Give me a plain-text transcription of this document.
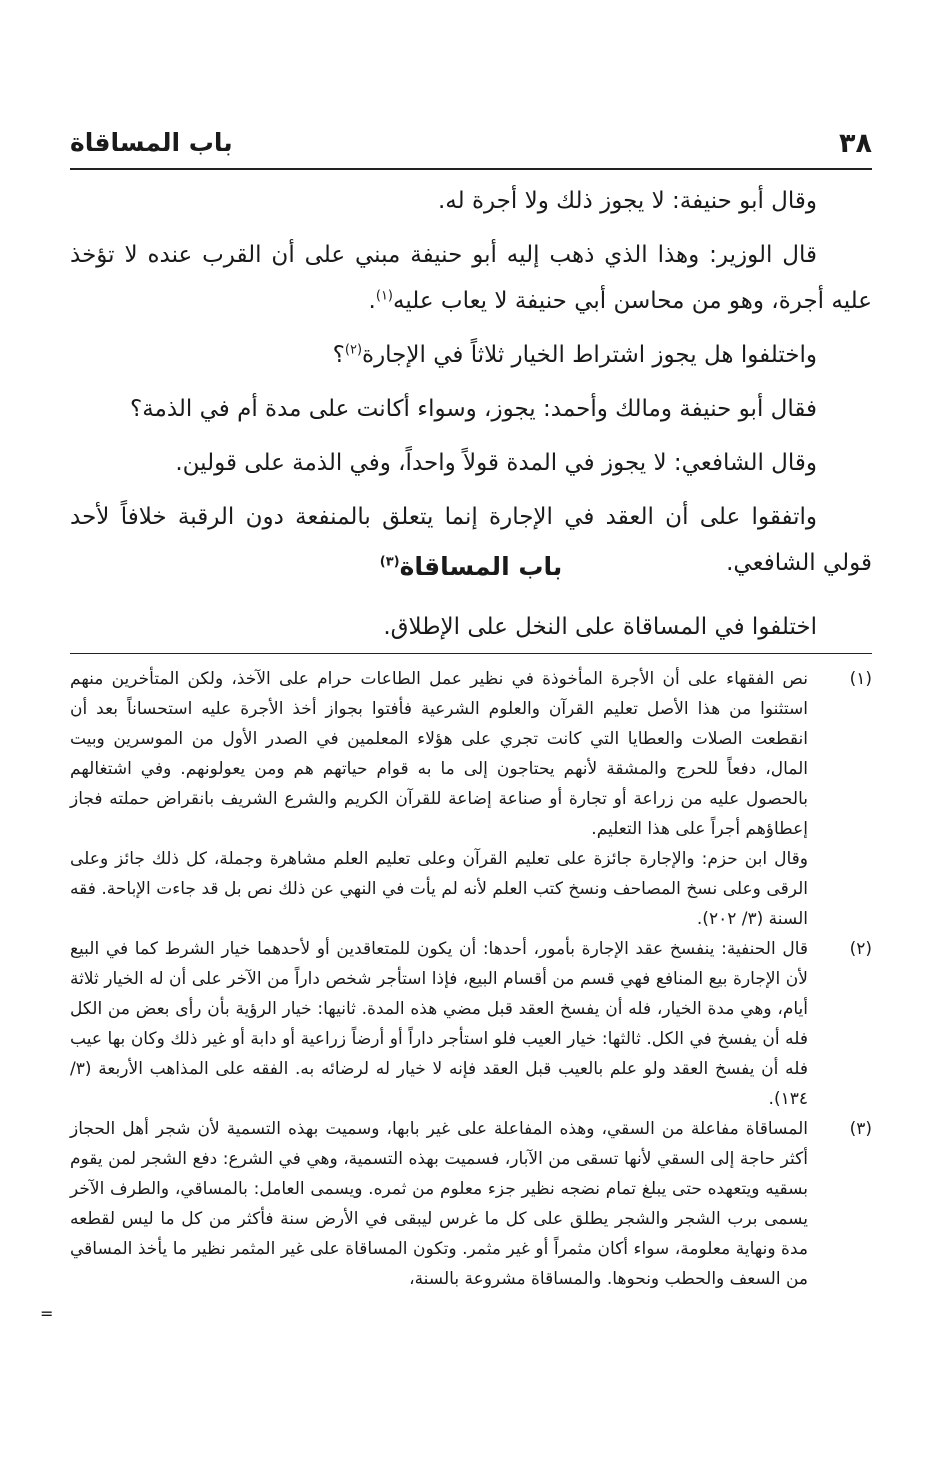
٣٨
باب المساقاة

وقال أبو حنيفة: لا يجوز ذلك ولا أجرة له.

قال الوزير: وهذا الذي ذهب إليه أبو حنيفة مبني على أن القرب عنده لا تؤخذ عليه أجرة، وهو من محاسن أبي حنيفة لا يعاب عليه$^{(١)}$.

واختلفوا هل يجوز اشتراط الخيار ثلاثاً في الإجارة$^{(٢)}$؟

فقال أبو حنيفة ومالك وأحمد: يجوز، وسواء أكانت على مدة أم في الذمة؟

وقال الشافعي: لا يجوز في المدة قولاً واحداً، وفي الذمة على قولين.

واتفقوا على أن العقد في الإجارة إنما يتعلق بالمنفعة دون الرقبة خلافاً لأحد قولي الشافعي.

باب المساقاة$^{(٣)}$
اختلفوا في المساقاة على النخل على الإطلاق.
(١)

نص الفقهاء على أن الأجرة المأخوذة في نظير عمل الطاعات حرام على الآخذ، ولكن المتأخرين منهم استثنوا من هذا الأصل تعليم القرآن والعلوم الشرعية فأفتوا بجواز أخذ الأجرة عليه استحساناً بعد أن انقطعت الصلات والعطايا التي كانت تجري على هؤلاء المعلمين في الصدر الأول من الموسرين وبيت المال، دفعاً للحرج والمشقة لأنهم يحتاجون إلى ما به قوام حياتهم هم ومن يعولونهم. وفي اشتغالهم بالحصول عليه من زراعة أو تجارة أو صناعة إضاعة للقرآن الكريم والشرع الشريف بانقراض حملته فجاز إعطاؤهم أجراً على هذا التعليم.

وقال ابن حزم: والإجارة جائزة على تعليم القرآن وعلى تعليم العلم مشاهرة وجملة، كل ذلك جائز وعلى الرقى وعلى نسخ المصاحف ونسخ كتب العلم لأنه لم يأت في النهي عن ذلك نص بل قد جاءت الإباحة. فقه السنة (٣/ ٢٠٢).

(٢)

قال الحنفية: ينفسخ عقد الإجارة بأمور، أحدها: أن يكون للمتعاقدين أو لأحدهما خيار الشرط كما في البيع لأن الإجارة بيع المنافع فهي قسم من أقسام البيع، فإذا استأجر شخص داراً من الآخر على أن له الخيار ثلاثة أيام، وهي مدة الخيار، فله أن يفسخ العقد قبل مضي هذه المدة. ثانيها: خيار الرؤية بأن رأى بعض من الكل فله أن يفسخ في الكل. ثالثها: خيار العيب فلو استأجر داراً أو أرضاً زراعية أو دابة أو غير ذلك وكان بها عيب فله أن يفسخ العقد ولو علم بالعيب قبل العقد فإنه لا خيار له لرضائه به. الفقه على المذاهب الأربعة (٣/ ١٣٤).

(٣)

المساقاة مفاعلة من السقي، وهذه المفاعلة على غير بابها، وسميت بهذه التسمية لأن شجر أهل الحجاز أكثر حاجة إلى السقي لأنها تسقى من الآبار، فسميت بهذه التسمية، وهي في الشرع: دفع الشجر لمن يقوم بسقيه ويتعهده حتى يبلغ تمام نضجه نظير جزء معلوم من ثمره. ويسمى العامل: بالمساقي، والطرف الآخر يسمى برب الشجر والشجر يطلق على كل ما غرس ليبقى في الأرض سنة فأكثر من كل ما ليس لقطعه مدة ونهاية معلومة، سواء أكان مثمراً أو غير مثمر. وتكون المساقاة على غير المثمر نظير ما يأخذ المساقي من السعف والحطب ونحوها. والمساقاة مشروعة بالسنة،

=
